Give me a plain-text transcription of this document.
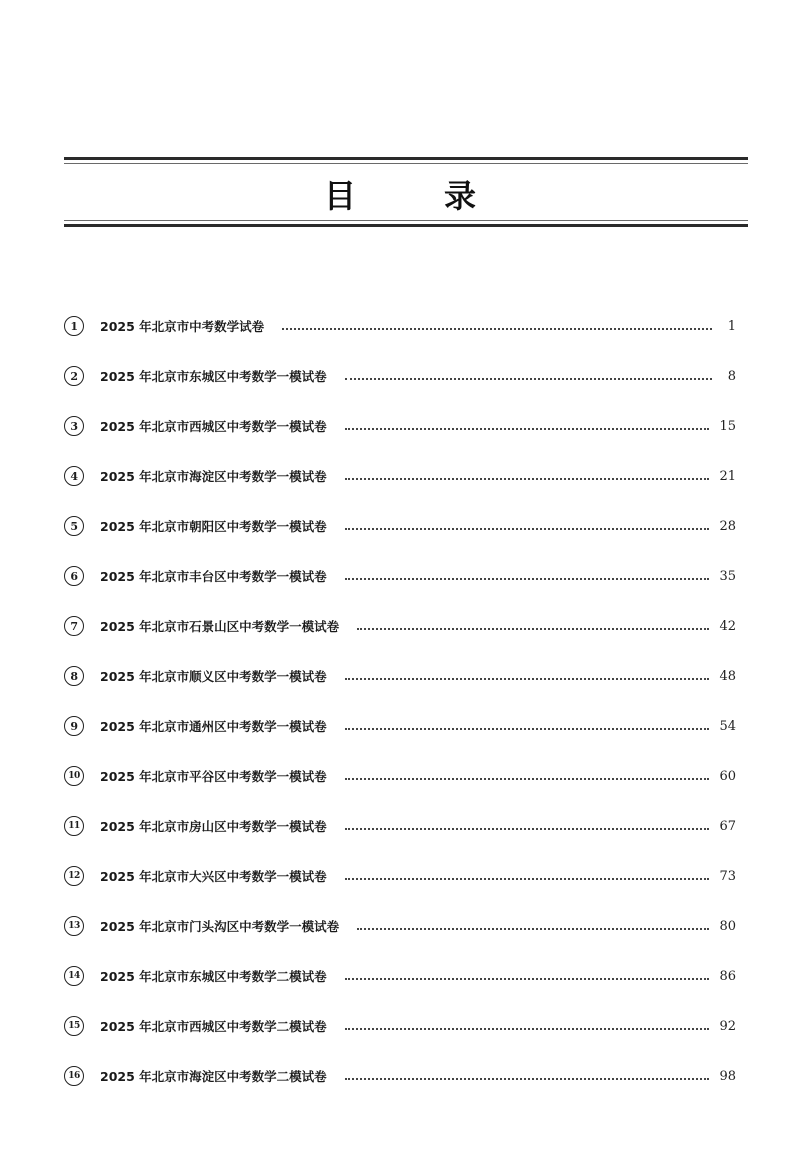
目	录
1	2025 年北京市中考数学试卷	1
2	2025 年北京市东城区中考数学一模试卷	8
3	2025 年北京市西城区中考数学一模试卷	15
4	2025 年北京市海淀区中考数学一模试卷	21
5	2025 年北京市朝阳区中考数学一模试卷	28
6	2025 年北京市丰台区中考数学一模试卷	35
7	2025 年北京市石景山区中考数学一模试卷	42
8	2025 年北京市顺义区中考数学一模试卷	48
9	2025 年北京市通州区中考数学一模试卷	54
10	2025 年北京市平谷区中考数学一模试卷	60
11	2025 年北京市房山区中考数学一模试卷	67
12	2025 年北京市大兴区中考数学一模试卷	73
13	2025 年北京市门头沟区中考数学一模试卷	80
14	2025 年北京市东城区中考数学二模试卷	86
15	2025 年北京市西城区中考数学二模试卷	92
16	2025 年北京市海淀区中考数学二模试卷	98
